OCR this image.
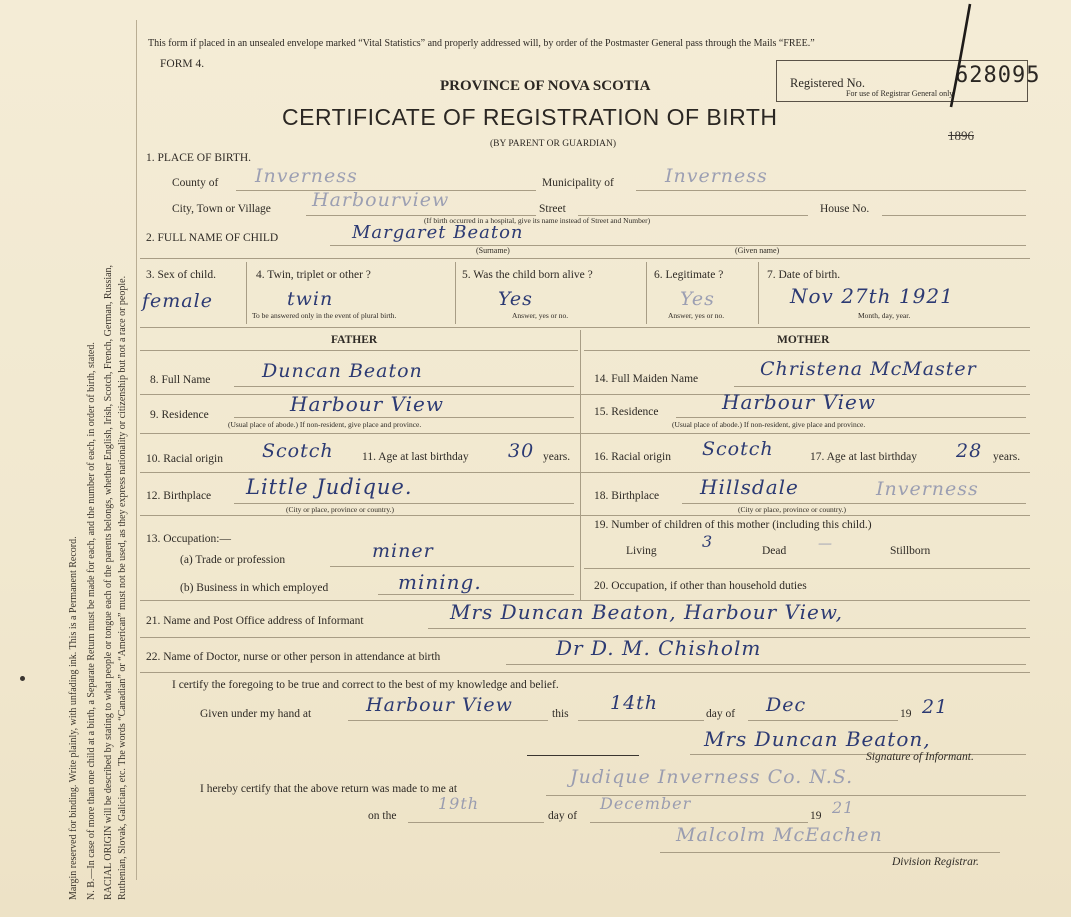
Margin reserved for binding. Write plainly, with unfading ink. This is a Permanent Record. N. B.—In case of more than one child at a birth, a Separate Return must be made for each, and the number of each, in order of birth, stated. RACIAL ORIGIN will be described by stating to what people or tongue each of the parents belongs, whether English, Irish, Scotch, French, German, Russian, Ruthenian, Slovak, Galician, etc. The words “Canadian” or “American” must not be used, as they express nationality or citizenship but not a race or people.
This form if placed in an unsealed envelope marked “Vital Statistics” and properly addressed will, by order of the Postmaster General pass through the Mails “FREE.”
FORM 4.
PROVINCE OF NOVA SCOTIA
CERTIFICATE OF REGISTRATION OF BIRTH
(BY PARENT OR GUARDIAN)
Registered No.	628095
For use of Registrar General only.
1896
1. PLACE OF BIRTH.
County of Inverness	Municipality of	Inverness
City, Town or Village Harbourview	Street	House No.
(If birth occurred in a hospital, give its name instead of Street and Number)
2. FULL NAME OF CHILD	Margaret Beaton
(Surname)	(Given name)
3. Sex of child.
female
4. Twin, triplet or other ?
twin
To be answered only in the event of plural birth.
5. Was the child born alive ?
Yes
Answer, yes or no.
6. Legitimate ?
Yes
Answer, yes or no.
7. Date of birth.
Nov 27th 1921
Month, day, year.
FATHER	MOTHER
8. Full Name	Duncan Beaton	14. Full Maiden Name	Christena McMaster
9. Residence	Harbour View
(Usual place of abode.) If non-resident, give place and province.
15. Residence	Harbour View
(Usual place of abode.) If non-resident, give place and province.
10. Racial origin Scotch 11. Age at last birthday 30 years. 16. Racial origin Scotch	17. Age at last birthday 28 years.
12. Birthplace Little Judique.
(City or place, province or country.)
18. Birthplace Hillsdale	Inverness
(City or place, province or country.)
13. Occupation:—
(a) Trade or profession	miner
(b) Business in which employed	mining.
19. Number of children of this mother (including this child.)
Living	3	Dead —	Stillborn
20. Occupation, if other than household duties
21. Name and Post Office address of Informant	Mrs Duncan Beaton, Harbour View,
22. Name of Doctor, nurse or other person in attendance at birth	Dr D. M. Chisholm
I certify the foregoing to be true and correct to the best of my knowledge and belief.
Given under my hand at	Harbour View	this 14th	day of Dec	19 21
Mrs Duncan Beaton,
Signature of Informant.
I hereby certify that the above return was made to me at
Judique Inverness Co. N.S.
on the
19th
day of
December
19 21
Malcolm McEachen
Division Registrar.
